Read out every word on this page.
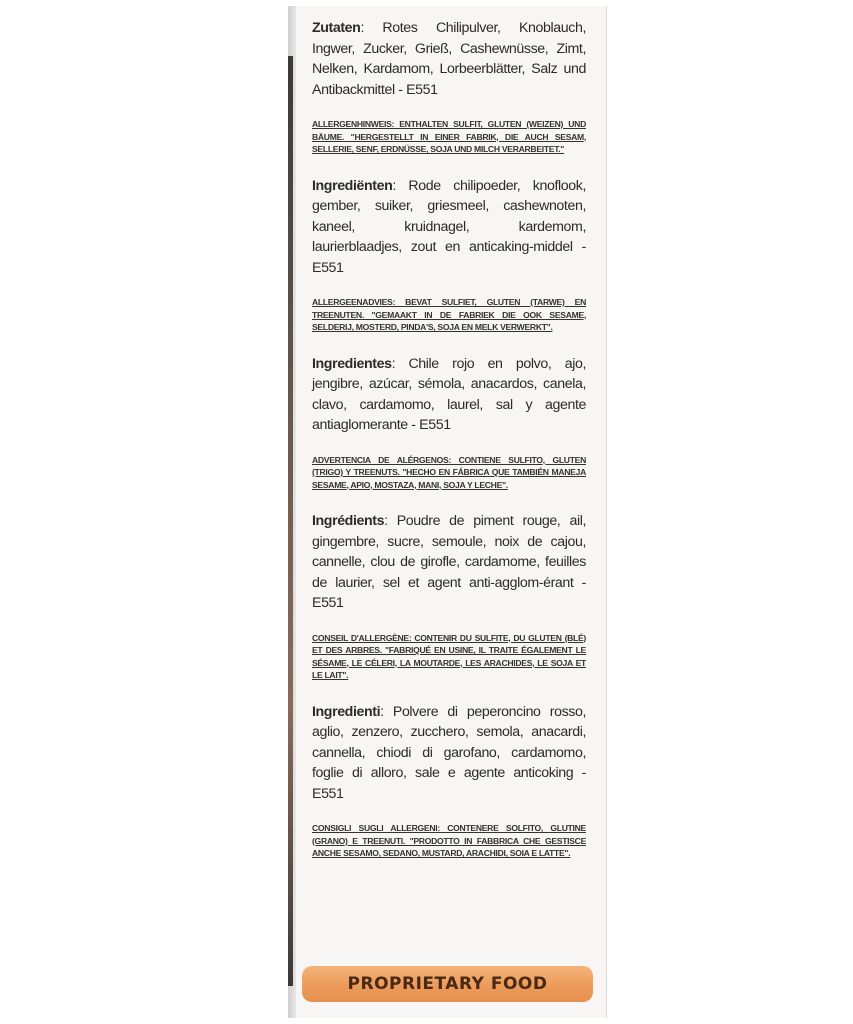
Zutaten: Rotes Chilipulver, Knoblauch, Ingwer, Zucker, Grieß, Cashewnüsse, Zimt, Nelken, Kardamom, Lorbeerblätter, Salz und Antibackmittel - E551

ALLERGENHINWEIS: ENTHALTEN SULFIT, GLUTEN (WEIZEN) UND BÄUME. "HERGESTELLT IN EINER FABRIK, DIE AUCH SESAM, SELLERIE, SENF, ERDNÜSSE, SOJA UND MILCH VERARBEITET."

Ingrediënten: Rode chilipoeder, knoflook, gember, suiker, griesmeel, cashewnoten, kaneel, kruidnagel, kardemom, laurierblaadjes, zout en anticaking-middel - E551

ALLERGEENADVIES: BEVAT SULFIET, GLUTEN (TARWE) EN TREENUTEN. "GEMAAKT IN DE FABRIEK DIE OOK SESAME, SELDERIJ, MOSTERD, PINDA'S, SOJA EN MELK VERWERKT".

Ingredientes: Chile rojo en polvo, ajo, jengibre, azúcar, sémola, anacardos, canela, clavo, cardamomo, laurel, sal y agente antiaglomerante - E551

ADVERTENCIA DE ALÉRGENOS: CONTIENE SULFITO, GLUTEN (TRIGO) Y TREENUTS. "HECHO EN FÁBRICA QUE TAMBIÉN MANEJA SESAME, APIO, MOSTAZA, MANI, SOJA Y LECHE".

Ingrédients: Poudre de piment rouge, ail, gingembre, sucre, semoule, noix de cajou, cannelle, clou de girofle, cardamome, feuilles de laurier, sel et agent anti-agglom-érant - E551

CONSEIL D'ALLERGÈNE: CONTENIR DU SULFITE, DU GLUTEN (BLÉ) ET DES ARBRES. "FABRIQUÉ EN USINE, IL TRAITE ÉGALEMENT LE SÉSAME, LE CÉLERI, LA MOUTARDE, LES ARACHIDES, LE SOJA ET LE LAIT".

Ingredienti: Polvere di peperoncino rosso, aglio, zenzero, zucchero, semola, anacardi, cannella, chiodi di garofano, cardamomo, foglie di alloro, sale e agente anticoking - E551

CONSIGLI SUGLI ALLERGENI: CONTENERE SOLFITO, GLUTINE (GRANO) E TREENUTI. "PRODOTTO IN FABBRICA CHE GESTISCE ANCHE SESAMO, SEDANO, MUSTARD, ARACHIDI, SOIA E LATTE".

PROPRIETARY FOOD
